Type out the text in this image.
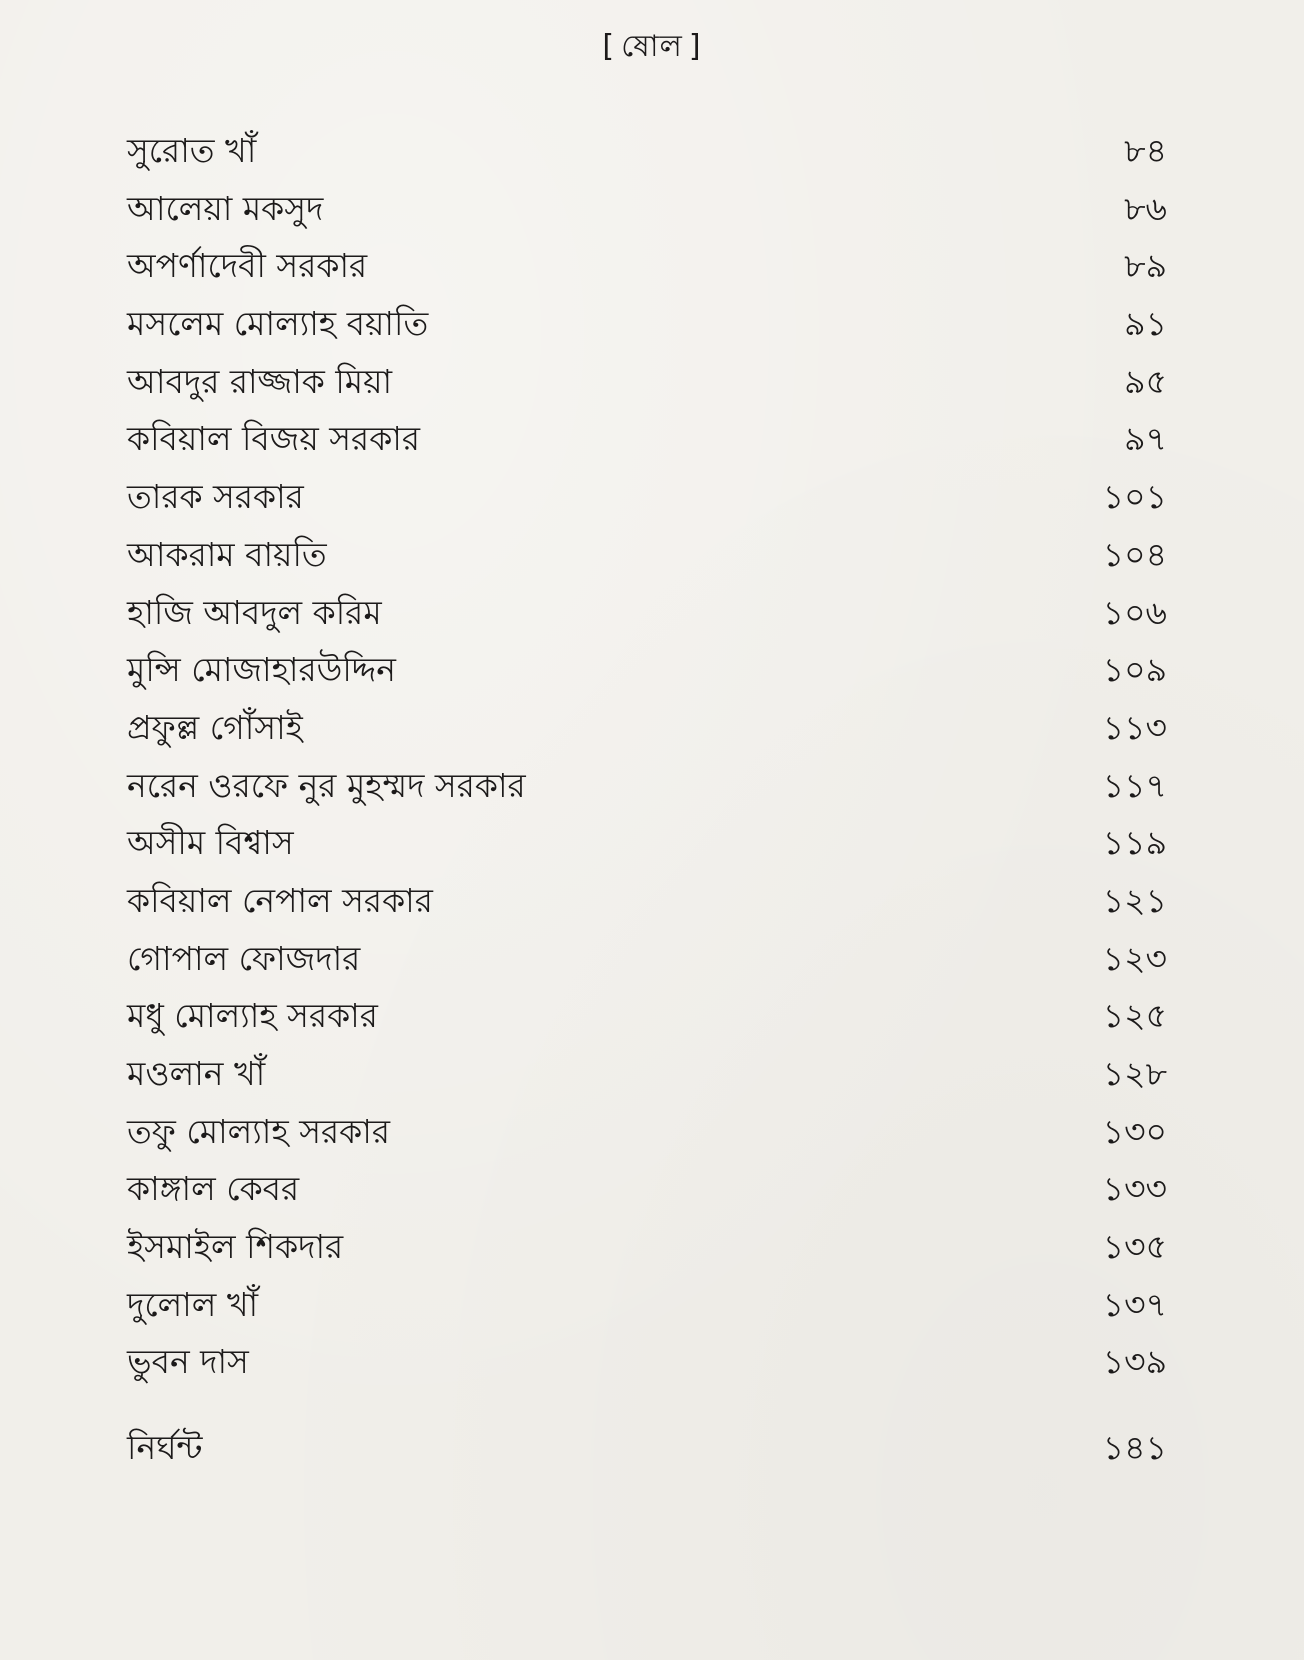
[ ষোল ]
সুরোত খাঁ	৮৪
আলেয়া মকসুদ	৮৬
অপর্ণাদেবী সরকার	৮৯
মসলেম মোল্যাহ বয়াতি	৯১
আবদুর রাজ্জাক মিয়া	৯৫
কবিয়াল বিজয় সরকার	৯৭
তারক সরকার	১০১
আকরাম বায়তি	১০৪
হাজি আবদুল করিম	১০৬
মুন্সি মোজাহারউদ্দিন	১০৯
প্রফুল্ল গোঁসাই	১১৩
নরেন ওরফে নুর মুহম্মদ সরকার	১১৭
অসীম বিশ্বাস	১১৯
কবিয়াল নেপাল সরকার	১২১
গোপাল ফোজদার	১২৩
মধু মোল্যাহ সরকার	১২৫
মওলান খাঁ	১২৮
তফু মোল্যাহ সরকার	১৩০
কাঙ্গাল কেবর	১৩৩
ইসমাইল শিকদার	১৩৫
দুলোল খাঁ	১৩৭
ভুবন দাস	১৩৯
নির্ঘন্ট	১৪১
